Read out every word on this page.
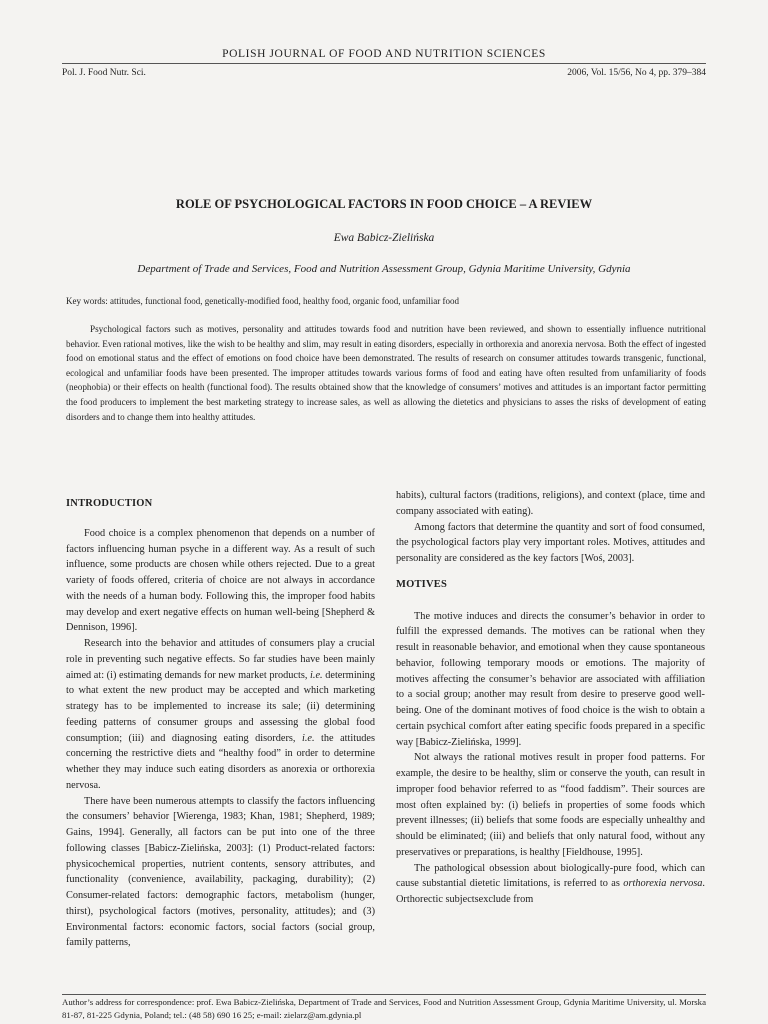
POLISH JOURNAL OF FOOD AND NUTRITION SCIENCES
Pol. J. Food Nutr. Sci.	2006, Vol. 15/56, No 4, pp. 379–384
ROLE OF PSYCHOLOGICAL FACTORS IN FOOD CHOICE – A REVIEW
Ewa Babicz-Zielińska
Department of Trade and Services, Food and Nutrition Assessment Group, Gdynia Maritime University, Gdynia
Key words: attitudes, functional food, genetically-modified food, healthy food, organic food, unfamiliar food

Psychological factors such as motives, personality and attitudes towards food and nutrition have been reviewed, and shown to essentially influence nutritional behavior. Even rational motives, like the wish to be healthy and slim, may result in eating disorders, especially in orthorexia and anorexia nervosa. Both the effect of ingested food on emotional status and the effect of emotions on food choice have been demonstrated. The results of research on consumer attitudes towards transgenic, functional, ecological and unfamiliar foods have been presented. The improper attitudes towards various forms of food and eating have often resulted from unfamiliarity of foods (neophobia) or their effects on health (functional food). The results obtained show that the knowledge of consumers’ motives and attitudes is an important factor permitting the food producers to implement the best marketing strategy to increase sales, as well as allowing the dietetics and physicians to asses the risks of development of eating disorders and to change them into healthy attitudes.

INTRODUCTION

Food choice is a complex phenomenon that depends on a number of factors influencing human psyche in a different way. As a result of such influence, some products are chosen while others rejected. Due to a great variety of foods offered, criteria of choice are not always in accordance with the needs of a human body. Following this, the improper food habits may develop and exert negative effects on human well-being [Shepherd & Dennison, 1996].

Research into the behavior and attitudes of consumers play a crucial role in preventing such negative effects. So far studies have been mainly aimed at: (i) estimating demands for new market products, i.e. determining to what extent the new product may be accepted and which marketing strategy has to be implemented to increase its sale; (ii) determining feeding patterns of consumer groups and assessing the global food consumption; (iii) and diagnosing eating disorders, i.e. the attitudes concerning the restrictive diets and “healthy food” in order to determine whether they may induce such eating disorders as anorexia or orthorexia nervosa.

There have been numerous attempts to classify the factors influencing the consumers’ behavior [Wierenga, 1983; Khan, 1981; Shepherd, 1989; Gains, 1994]. Generally, all factors can be put into one of the three following classes [Babicz-Zielińska, 2003]: (1) Product-related factors: physicochemical properties, nutrient contents, sensory attributes, and functionality (convenience, availability, packaging, durability); (2) Consumer-related factors: demographic factors, metabolism (hunger, thirst), psychological factors (motives, personality, attitudes); and (3) Environmental factors: economic factors, social factors (social group, family patterns,

habits), cultural factors (traditions, religions), and context (place, time and company associated with eating).

Among factors that determine the quantity and sort of food consumed, the psychological factors play very important roles. Motives, attitudes and personality are considered as the key factors [Woś, 2003].

MOTIVES

The motive induces and directs the consumer’s behavior in order to fulfill the expressed demands. The motives can be rational when they result in reasonable behavior, and emotional when they cause spontaneous behavior, following temporary moods or emotions. The majority of motives affecting the consumer’s behavior are associated with affiliation to a social group; another may result from desire to preserve good well-being. One of the dominant motives of food choice is the wish to obtain a certain psychical comfort after eating specific foods prepared in a specific way [Babicz-Zielińska, 1999].

Not always the rational motives result in proper food patterns. For example, the desire to be healthy, slim or conserve the youth, can result in improper food behavior referred to as “food faddism”. Their sources are most often explained by: (i) beliefs in properties of some foods which prevent illnesses; (ii) beliefs that some foods are especially unhealthy and should be eliminated; (iii) and beliefs that only natural food, without any preservatives or preparations, is healthy [Fieldhouse, 1995].

The pathological obsession about biologically-pure food, which can cause substantial dietetic limitations, is referred to as orthorexia nervosa. Orthorectic subjectsexclude from

Author’s address for correspondence: prof. Ewa Babicz-Zielińska, Department of Trade and Services, Food and Nutrition Assessment Group, Gdynia Maritime University, ul. Morska 81-87, 81-225 Gdynia, Poland; tel.: (48 58) 690 16 25; e-mail: zielarz@am.gdynia.pl
